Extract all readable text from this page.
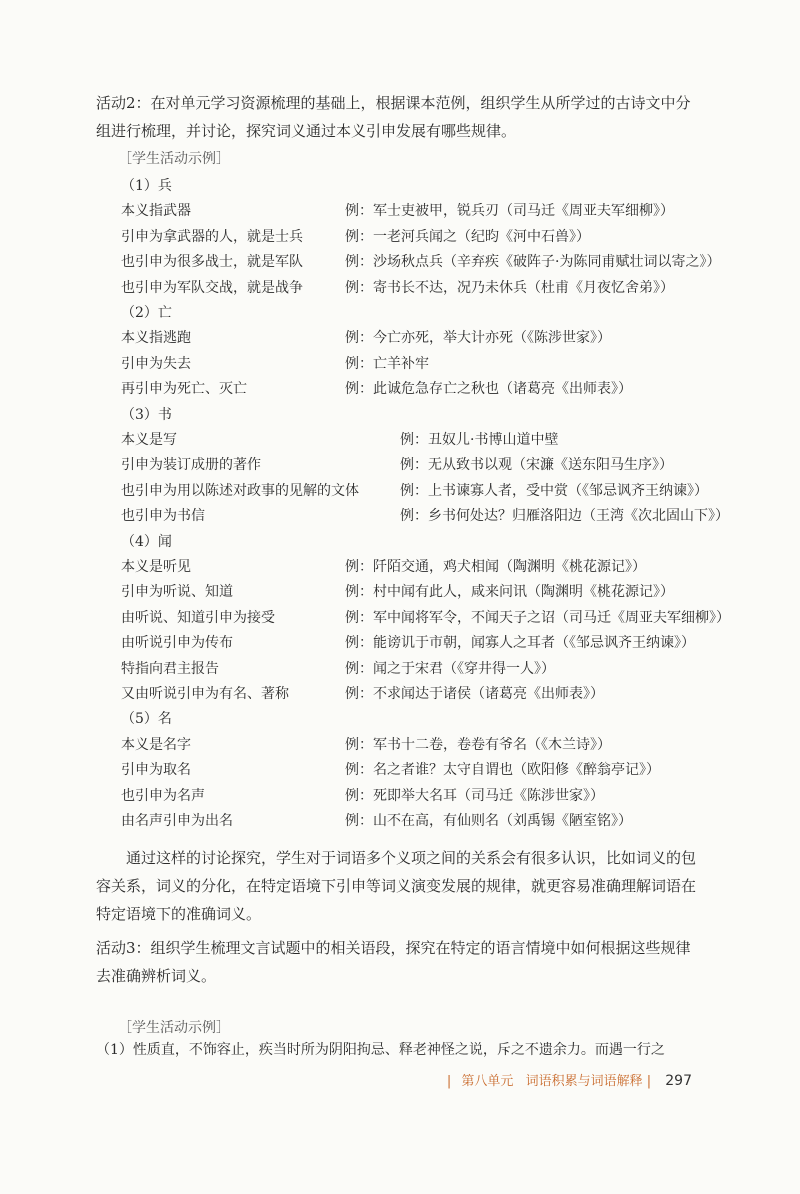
活动2：在对单元学习资源梳理的基础上，根据课本范例，组织学生从所学过的古诗文中分组进行梳理，并讨论，探究词义通过本义引申发展有哪些规律。

［学生活动示例］
（1）兵
本义指武器	例：军士吏被甲，锐兵刃（司马迁《周亚夫军细柳》）
引申为拿武器的人，就是士兵	例：一老河兵闻之（纪昀《河中石兽》）
也引申为很多战士，就是军队	例：沙场秋点兵（辛弃疾《破阵子·为陈同甫赋壮词以寄之》）
也引申为军队交战，就是战争	例：寄书长不达，况乃未休兵（杜甫《月夜忆舍弟》）
（2）亡
本义指逃跑	例：今亡亦死，举大计亦死（《陈涉世家》）
引申为失去	例：亡羊补牢
再引申为死亡、灭亡	例：此诚危急存亡之秋也（诸葛亮《出师表》）
（3）书
本义是写	例：丑奴儿·书博山道中壁
引申为装订成册的著作	例：无从致书以观（宋濂《送东阳马生序》）
也引申为用以陈述对政事的见解的文体	例：上书谏寡人者，受中赏（《邹忌讽齐王纳谏》）
也引申为书信	例：乡书何处达？归雁洛阳边（王湾《次北固山下》）
（4）闻
本义是听见	例：阡陌交通，鸡犬相闻（陶渊明《桃花源记》）
引申为听说、知道	例：村中闻有此人，咸来问讯（陶渊明《桃花源记》）
由听说、知道引申为接受	例：军中闻将军令，不闻天子之诏（司马迁《周亚夫军细柳》）
由听说引申为传布	例：能谤讥于市朝，闻寡人之耳者（《邹忌讽齐王纳谏》）
特指向君主报告	例：闻之于宋君（《穿井得一人》）
又由听说引申为有名、著称	例：不求闻达于诸侯（诸葛亮《出师表》）
（5）名
本义是名字	例：军书十二卷，卷卷有爷名（《木兰诗》）
引申为取名	例：名之者谁？太守自谓也（欧阳修《醉翁亭记》）
也引申为名声	例：死即举大名耳（司马迁《陈涉世家》）
由名声引申为出名	例：山不在高，有仙则名（刘禹锡《陋室铭》）

通过这样的讨论探究，学生对于词语多个义项之间的关系会有很多认识，比如词义的包容关系，词义的分化，在特定语境下引申等词义演变发展的规律，就更容易准确理解词语在特定语境下的准确词义。

活动3：组织学生梳理文言试题中的相关语段，探究在特定的语言情境中如何根据这些规律去准确辨析词义。

［学生活动示例］
（1）性质直，不饰容止，疾当时所为阴阳拘忌、释老神怪之说，斥之不遗余力。而遇一行之
| 第八单元 词语积累与词语解释 | 297
